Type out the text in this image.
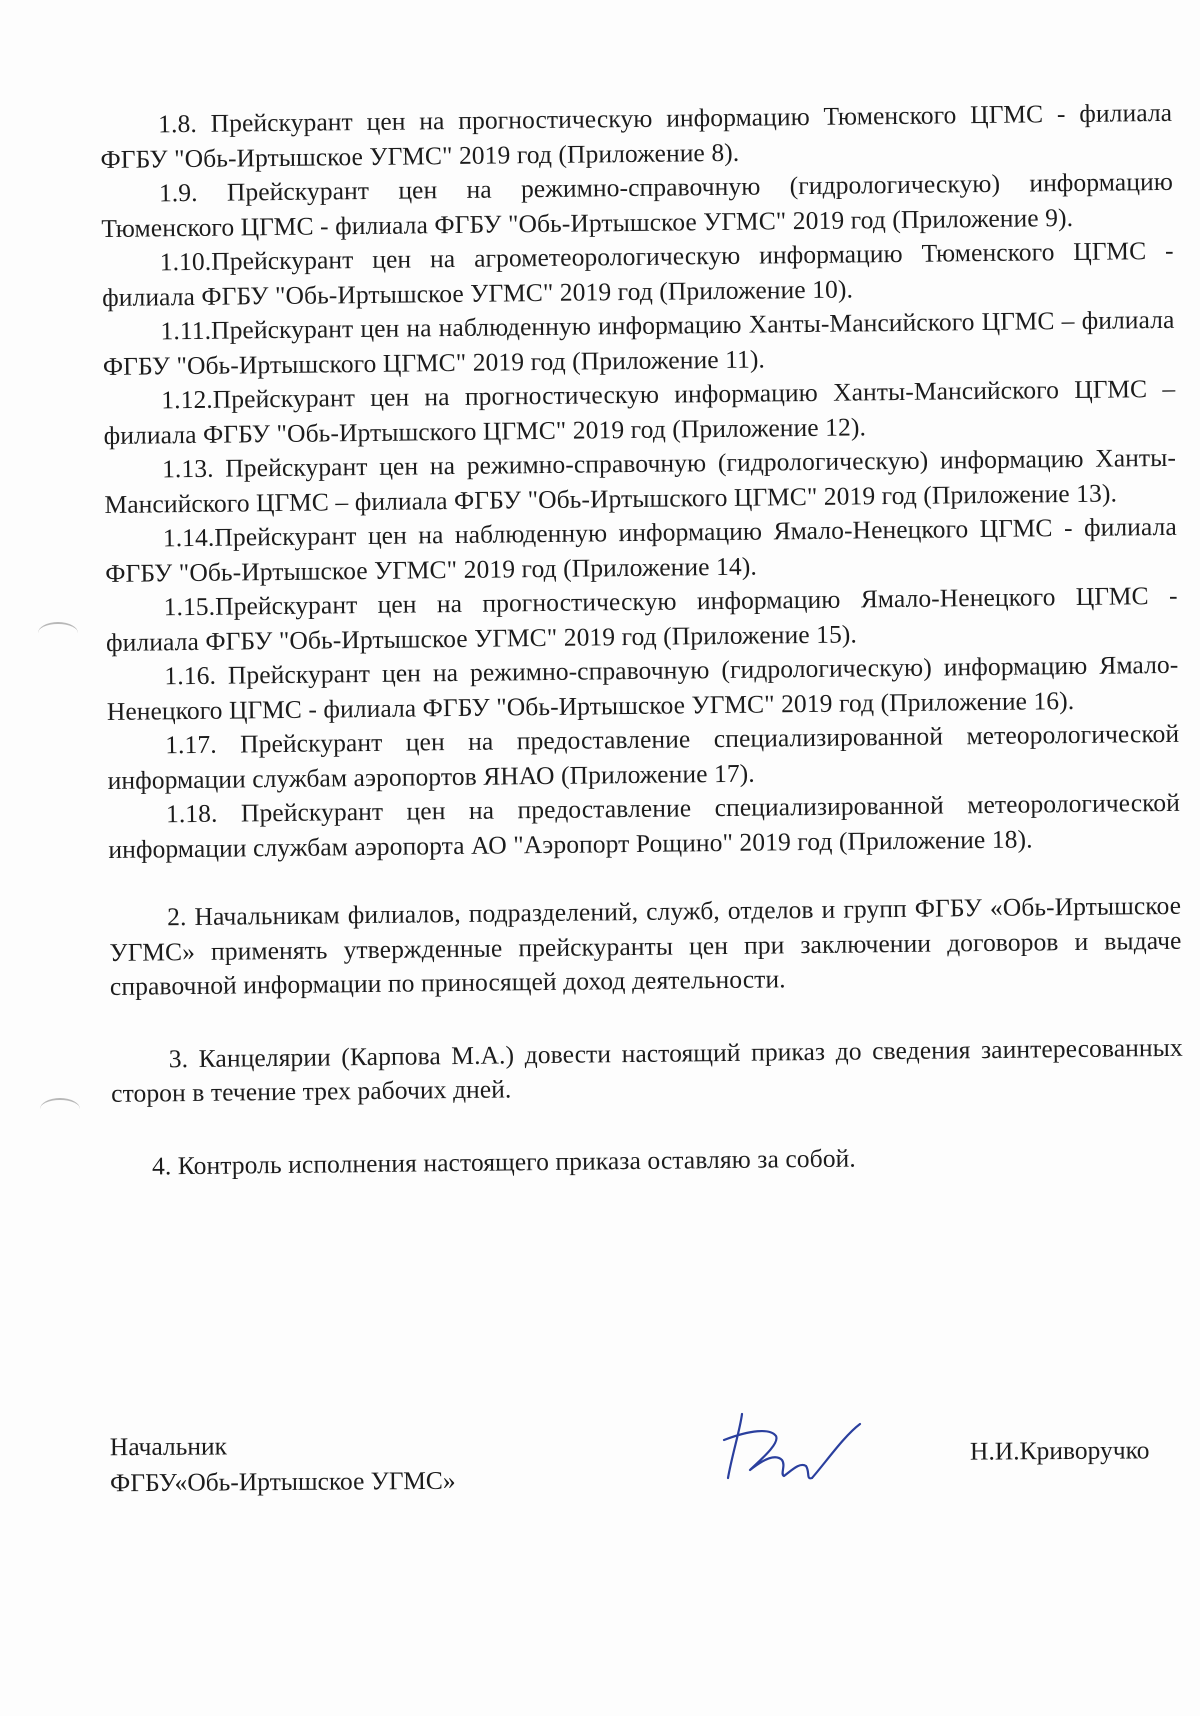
1.8. Прейскурант цен на прогностическую информацию Тюменского ЦГМС - филиала ФГБУ "Обь-Иртышское УГМС" 2019 год (Приложение 8).

1.9. Прейскурант цен на режимно-справочную (гидрологическую) информацию Тюменского ЦГМС - филиала ФГБУ "Обь-Иртышское УГМС" 2019 год (Приложение 9).

1.10.Прейскурант цен на агрометеорологическую информацию Тюменского ЦГМС - филиала ФГБУ "Обь-Иртышское УГМС" 2019 год (Приложение 10).

1.11.Прейскурант цен на наблюденную информацию Ханты-Мансийского ЦГМС – филиала ФГБУ "Обь-Иртышского ЦГМС" 2019 год (Приложение 11).

1.12.Прейскурант цен на прогностическую информацию Ханты-Мансийского ЦГМС – филиала ФГБУ "Обь-Иртышского ЦГМС" 2019 год (Приложение 12).

1.13. Прейскурант цен на режимно-справочную (гидрологическую) информацию Ханты-Мансийского ЦГМС – филиала ФГБУ "Обь-Иртышского ЦГМС" 2019 год (Приложение 13).

1.14.Прейскурант цен на наблюденную информацию Ямало-Ненецкого ЦГМС - филиала ФГБУ "Обь-Иртышское УГМС" 2019 год (Приложение 14).

1.15.Прейскурант цен на прогностическую информацию Ямало-Ненецкого ЦГМС - филиала ФГБУ "Обь-Иртышское УГМС" 2019 год (Приложение 15).

1.16. Прейскурант цен на режимно-справочную (гидрологическую) информацию Ямало-Ненецкого ЦГМС - филиала ФГБУ "Обь-Иртышское УГМС" 2019 год (Приложение 16).

1.17. Прейскурант цен на предоставление специализированной метеорологической информации службам аэропортов ЯНАО (Приложение 17).

1.18. Прейскурант цен на предоставление специализированной метеорологической информации службам аэропорта АО "Аэропорт Рощино" 2019 год (Приложение 18).

2. Начальникам филиалов, подразделений, служб, отделов и групп ФГБУ «Обь-Иртышское УГМС» применять утвержденные прейскуранты цен при заключении договоров и выдаче справочной информации по приносящей доход деятельности.

3. Канцелярии (Карпова М.А.) довести настоящий приказ до сведения заинтересованных сторон в течение трех рабочих дней.

4. Контроль исполнения настоящего приказа оставляю за собой.

Начальник
ФГБУ«Обь-Иртышское УГМС»
Н.И.Криворучко
